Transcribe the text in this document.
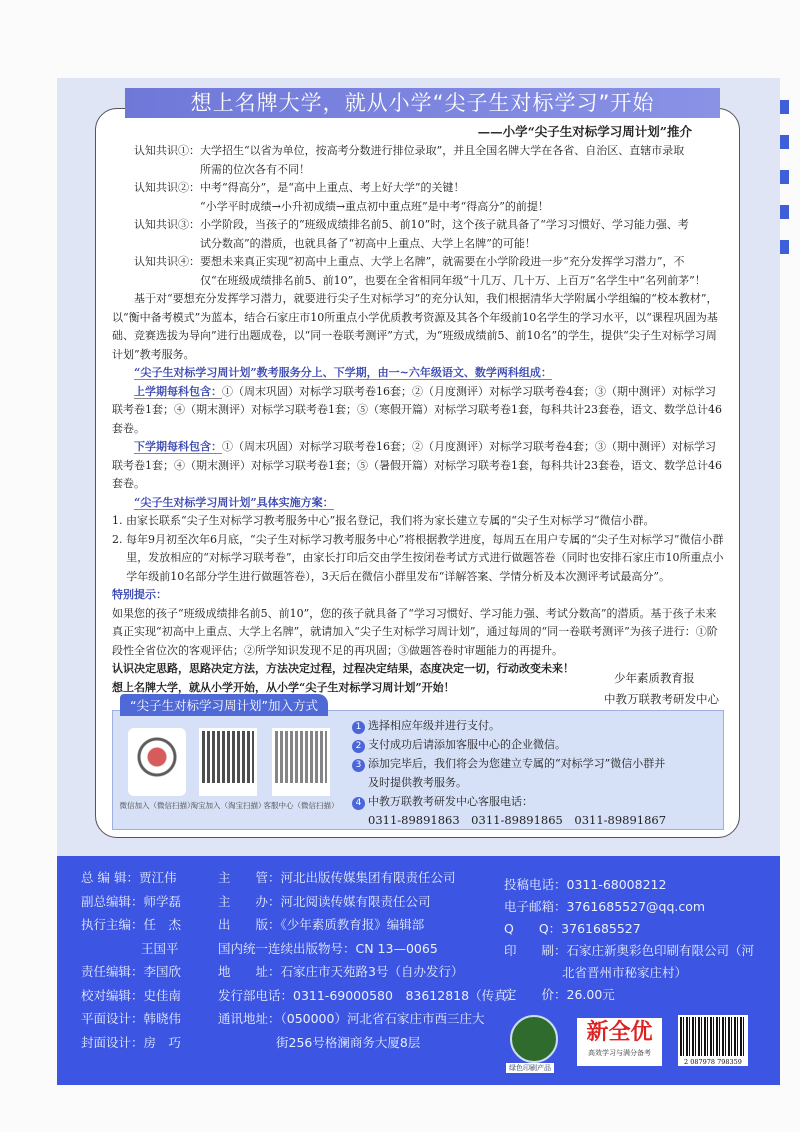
想上名牌大学，就从小学“尖子生对标学习”开始
——小学“尖子生对标学习周计划”推介
认知共识①： 大学招生“以省为单位，按高考分数进行排位录取”，并且全国名牌大学在各省、自治区、直辖市录取
所需的位次各有不同！
认知共识②： 中考“得高分”，是“高中上重点、考上好大学”的关键！
“小学平时成绩→小升初成绩→重点初中重点班”是中考“得高分”的前提！
认知共识③： 小学阶段，当孩子的“班级成绩排名前5、前10”时，这个孩子就具备了“学习习惯好、学习能力强、考
试分数高”的潜质，也就具备了“初高中上重点、大学上名牌”的可能！
认知共识④： 要想未来真正实现“初高中上重点、大学上名牌”，就需要在小学阶段进一步“充分发挥学习潜力”，不
仅“在班级成绩排名前5、前10”，也要在全省相同年级“十几万、几十万、上百万”名学生中“名列前茅”！
基于对“要想充分发挥学习潜力，就要进行尖子生对标学习”的充分认知，我们根据清华大学附属小学组编的“校本教材”，以“衡中备考模式”为蓝本，结合石家庄市10所重点小学优质教考资源及其各个年级前10名学生的学习水平，以“课程巩固为基础、竞赛选拔为导向”进行出题成卷，以“同一卷联考测评”方式，为“班级成绩前5、前10名”的学生，提供“尖子生对标学习周计划”教考服务。
“尖子生对标学习周计划”教考服务分上、下学期，由一~六年级语文、数学两科组成：
上学期每科包含：①（周末巩固）对标学习联考卷16套；②（月度测评）对标学习联考卷4套；③（期中测评）对标学习联考卷1套；④（期末测评）对标学习联考卷1套；⑤（寒假开篇）对标学习联考卷1套，每科共计23套卷，语文、数学总计46套卷。
下学期每科包含：①（周末巩固）对标学习联考卷16套；②（月度测评）对标学习联考卷4套；③（期中测评）对标学习联考卷1套；④（期末测评）对标学习联考卷1套；⑤（暑假开篇）对标学习联考卷1套，每科共计23套卷，语文、数学总计46套卷。
“尖子生对标学习周计划”具体实施方案：
1. 由家长联系“尖子生对标学习教考服务中心”报名登记，我们将为家长建立专属的“尖子生对标学习”微信小群。
2. 每年9月初至次年6月底，“尖子生对标学习教考服务中心”将根据教学进度，每周五在用户专属的“尖子生对标学习”微信小群里，发放相应的“对标学习联考卷”，由家长打印后交由学生按闭卷考试方式进行做题答卷（同时也安排石家庄市10所重点小学年级前10名部分学生进行做题答卷），3天后在微信小群里发布“详解答案、学情分析及本次测评考试最高分”。
特别提示：
如果您的孩子“班级成绩排名前5、前10”，您的孩子就具备了“学习习惯好、学习能力强、考试分数高”的潜质。基于孩子未来真正实现“初高中上重点、大学上名牌”，就请加入“尖子生对标学习周计划”，通过每周的“同一卷联考测评”为孩子进行：①阶段性全省位次的客观评估；②所学知识发现不足的再巩固；③做题答卷时审题能力的再提升。
认识决定思路，思路决定方法，方法决定过程，过程决定结果，态度决定一切，行动改变未来！
想上名牌大学，就从小学开始，从小学“尖子生对标学习周计划”开始！
少年素质教育报
中教万联教考研发中心
“尖子生对标学习周计划”加入方式
微信加入（微信扫描）
淘宝加入（淘宝扫描）
客服中心（微信扫描）
1 选择相应年级并进行支付。
2 支付成功后请添加客服中心的企业微信。
3 添加完毕后，我们将会为您建立专属的“对标学习”微信小群并
及时提供教考服务。
4 中教万联教考研发中心客服电话：
0311-89891863　0311-89891865　0311-89891867
总 编 辑：贾江伟
副总编辑：师学磊
执行主编：任　杰
王国平
责任编辑：李国欣
校对编辑：史佳南
平面设计：韩晓伟
封面设计：房　巧
主　　管：河北出版传媒集团有限责任公司
主　　办：河北阅读传媒有限责任公司
出　　版：《少年素质教育报》编辑部
国内统一连续出版物号：CN 13—0065
地　　址：石家庄市天苑路3号（自办发行）
发行部电话：0311-69000580　83612818（传真）
通讯地址：（050000）河北省石家庄市西三庄大
街256号格澜商务大厦8层
投稿电话：0311-68008212
电子邮箱：3761685527@qq.com
Q　　Q：3761685527
印　　刷：石家庄新奥彩色印刷有限公司（河
北省晋州市秘家庄村）
定　　价：26.00元
绿色印刷产品
新全优
高效学习与满分备考
2 087978 798359
